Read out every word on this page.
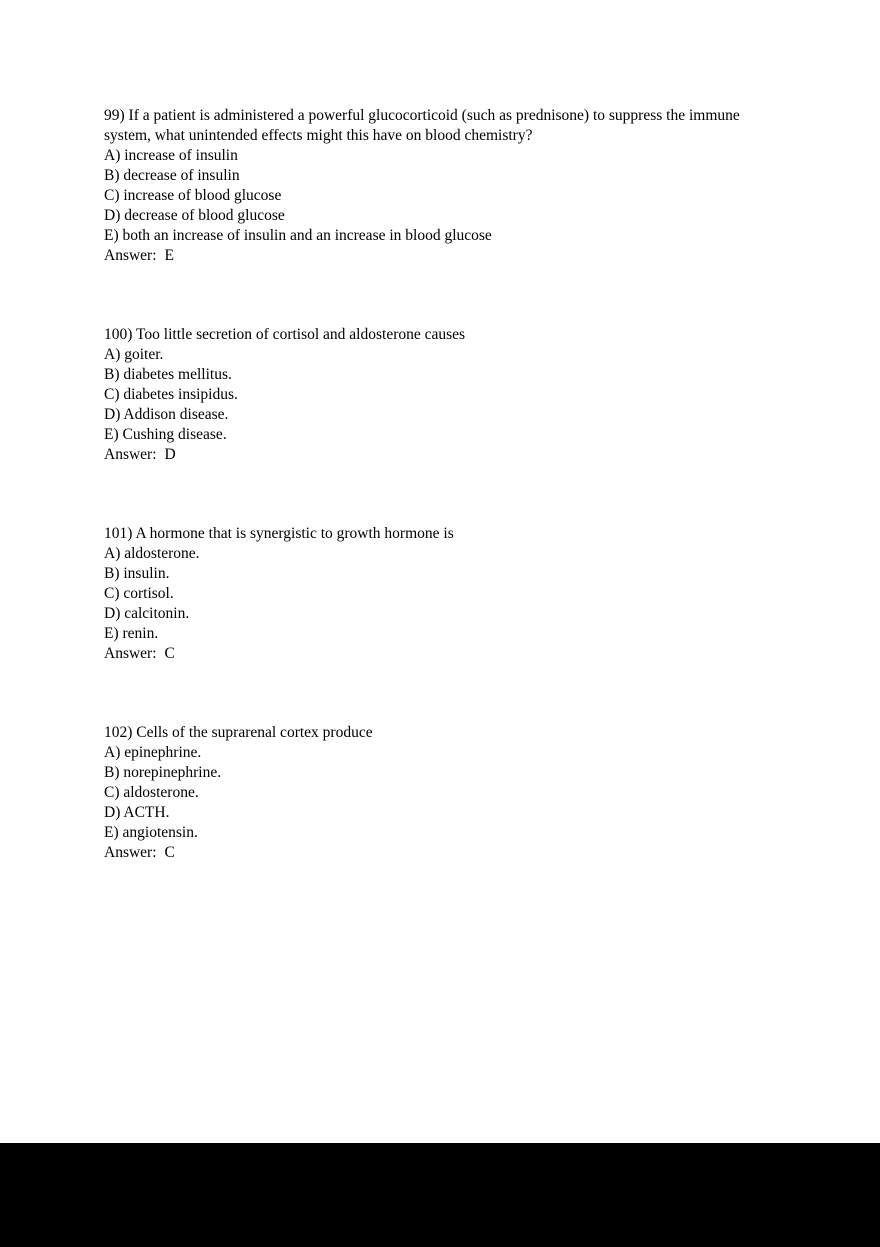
99) If a patient is administered a powerful glucocorticoid (such as prednisone) to suppress the immune system, what unintended effects might this have on blood chemistry?
A) increase of insulin
B) decrease of insulin
C) increase of blood glucose
D) decrease of blood glucose
E) both an increase of insulin and an increase in blood glucose
Answer: E
100) Too little secretion of cortisol and aldosterone causes
A) goiter.
B) diabetes mellitus.
C) diabetes insipidus.
D) Addison disease.
E) Cushing disease.
Answer: D
101) A hormone that is synergistic to growth hormone is
A) aldosterone.
B) insulin.
C) cortisol.
D) calcitonin.
E) renin.
Answer: C
102) Cells of the suprarenal cortex produce
A) epinephrine.
B) norepinephrine.
C) aldosterone.
D) ACTH.
E) angiotensin.
Answer: C
